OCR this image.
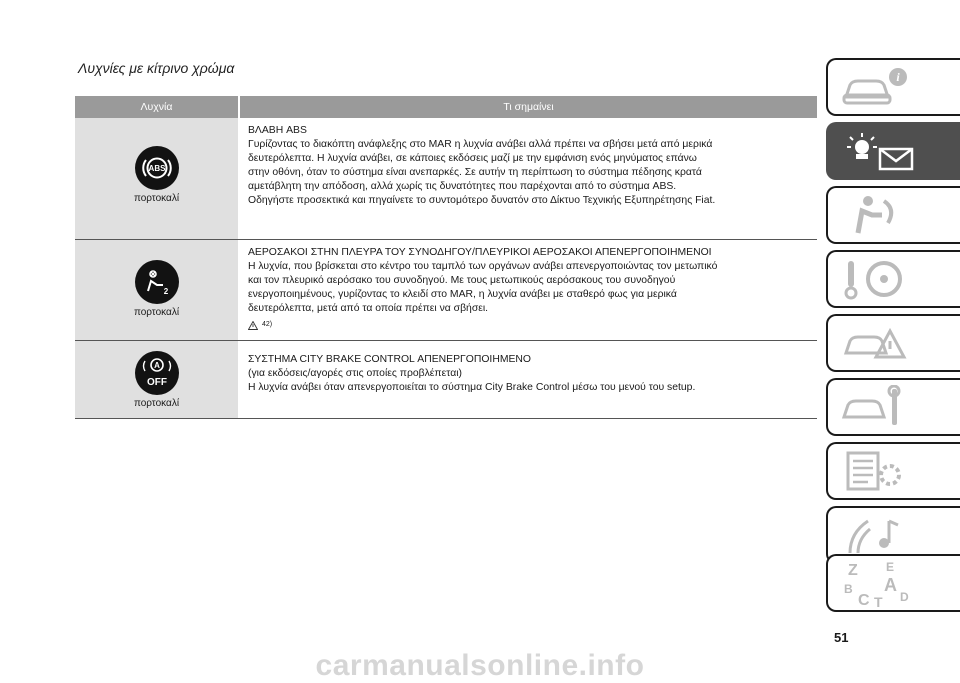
Λυχνίες με κίτρινο χρώμα
Λυχνία	Τι σημαίνει
ABS
πορτοκαλί

ΒΛΑΒΗ ABS

Γυρίζοντας το διακόπτη ανάφλεξης στο MAR η λυχνία ανάβει αλλά πρέπει να σβήσει μετά από μερικά

δευτερόλεπτα. Η λυχνία ανάβει, σε κάποιες εκδόσεις μαζί με την εμφάνιση ενός μηνύματος επάνω

στην οθόνη, όταν το σύστημα είναι ανεπαρκές. Σε αυτήν τη περίπτωση το σύστημα πέδησης κρατά

αμετάβλητη την απόδοση, αλλά χωρίς τις δυνατότητες που παρέχονται από το σύστημα ABS.

Οδηγήστε προσεκτικά και πηγαίνετε το συντομότερο δυνατόν στο Δίκτυο Τεχνικής Εξυπηρέτησης Fiat.

2
πορτοκαλί

ΑΕΡΟΣΑΚΟΙ ΣΤΗΝ ΠΛΕΥΡΑ ΤΟΥ ΣΥΝΟΔΗΓΟΥ/ΠΛΕΥΡΙΚΟΙ ΑΕΡΟΣΑΚΟΙ ΑΠΕΝΕΡΓΟΠΟΙΗΜΕΝΟΙ

Η λυχνία, που βρίσκεται στο κέντρο του ταμπλό των οργάνων ανάβει απενεργοποιώντας τον μετωπικό

και τον πλευρικό αερόσακο του συνοδηγού. Με τους μετωπικούς αερόσακους του συνοδηγού

ενεργοποιημένους, γυρίζοντας το κλειδί στο MAR, η λυχνία ανάβει με σταθερό φως για μερικά

δευτερόλεπτα, μετά από τα οποία πρέπει να σβήσει.

42)
A
OFF
πορτοκαλί

ΣΥΣΤΗΜΑ CITY BRAKE CONTROL ΑΠΕΝΕΡΓΟΠΟΙΗΜΕΝΟ

(για εκδόσεις/αγορές στις οποίες προβλέπεται)

Η λυχνία ανάβει όταν απενεργοποιείται το σύστημα City Brake Control μέσω του μενού του setup.

i
Z E
B A
C	D
T
51
carmanualsonline.info
